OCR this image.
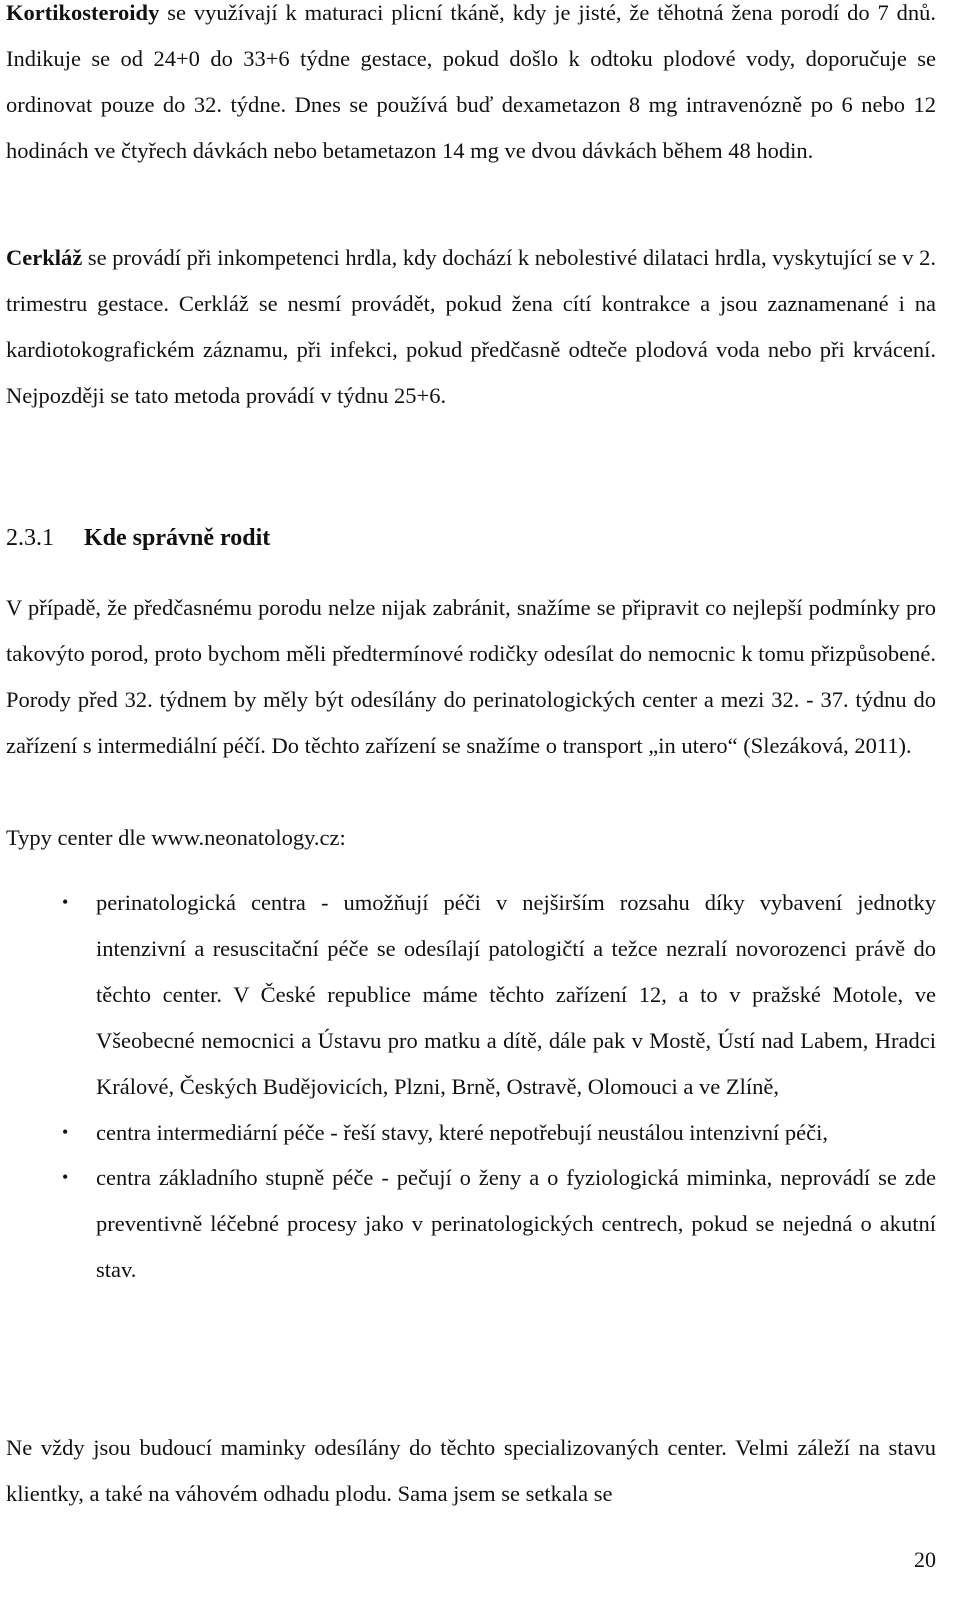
Kortikosteroidy se využívají k maturaci plicní tkáně, kdy je jisté, že těhotná žena porodí do 7 dnů. Indikuje se od 24+0 do 33+6 týdne gestace, pokud došlo k odtoku plodové vody, doporučuje se ordinovat pouze do 32. týdne. Dnes se používá buď dexametazon 8 mg intravenózně po 6 nebo 12 hodinách ve čtyřech dávkách nebo betametazon 14 mg ve dvou dávkách během 48 hodin.

Cerkláž se provádí při inkompetenci hrdla, kdy dochází k nebolestivé dilataci hrdla, vyskytující se v 2. trimestru gestace. Cerkláž se nesmí provádět, pokud žena cítí kontrakce a jsou zaznamenané i na kardiotokografickém záznamu, při infekci, pokud předčasně odteče plodová voda nebo při krvácení. Nejpozději se tato metoda provádí v týdnu 25+6.

2.3.1 Kde správně rodit

V případě, že předčasnému porodu nelze nijak zabránit, snažíme se připravit co nejlepší podmínky pro takovýto porod, proto bychom měli předtermínové rodičky odesílat do nemocnic k tomu přizpůsobené. Porody před 32. týdnem by měly být odesílány do perinatologických center a mezi 32. - 37. týdnu do zařízení s intermediální péčí. Do těchto zařízení se snažíme o transport „in utero“ (Slezáková, 2011).

Typy center dle www.neonatology.cz:

• perinatologická centra - umožňují péči v nejširším rozsahu díky vybavení jednotky intenzivní a resuscitační péče se odesílají patologičtí a težce nezralí novorozenci právě do těchto center. V České republice máme těchto zařízení 12, a to v pražské Motole, ve Všeobecné nemocnici a Ústavu pro matku a dítě, dále pak v Mostě, Ústí nad Labem, Hradci Králové, Českých Budějovicích, Plzni, Brně, Ostravě, Olomouci a ve Zlíně,
• centra intermediární péče - řeší stavy, které nepotřebují neustálou intenzivní péči,
• centra základního stupně péče - pečují o ženy a o fyziologická miminka, neprovádí se zde preventivně léčebné procesy jako v perinatologických centrech, pokud se nejedná o akutní stav.

Ne vždy jsou budoucí maminky odesílány do těchto specializovaných center. Velmi záleží na stavu klientky, a také na váhovém odhadu plodu. Sama jsem se setkala se

20
